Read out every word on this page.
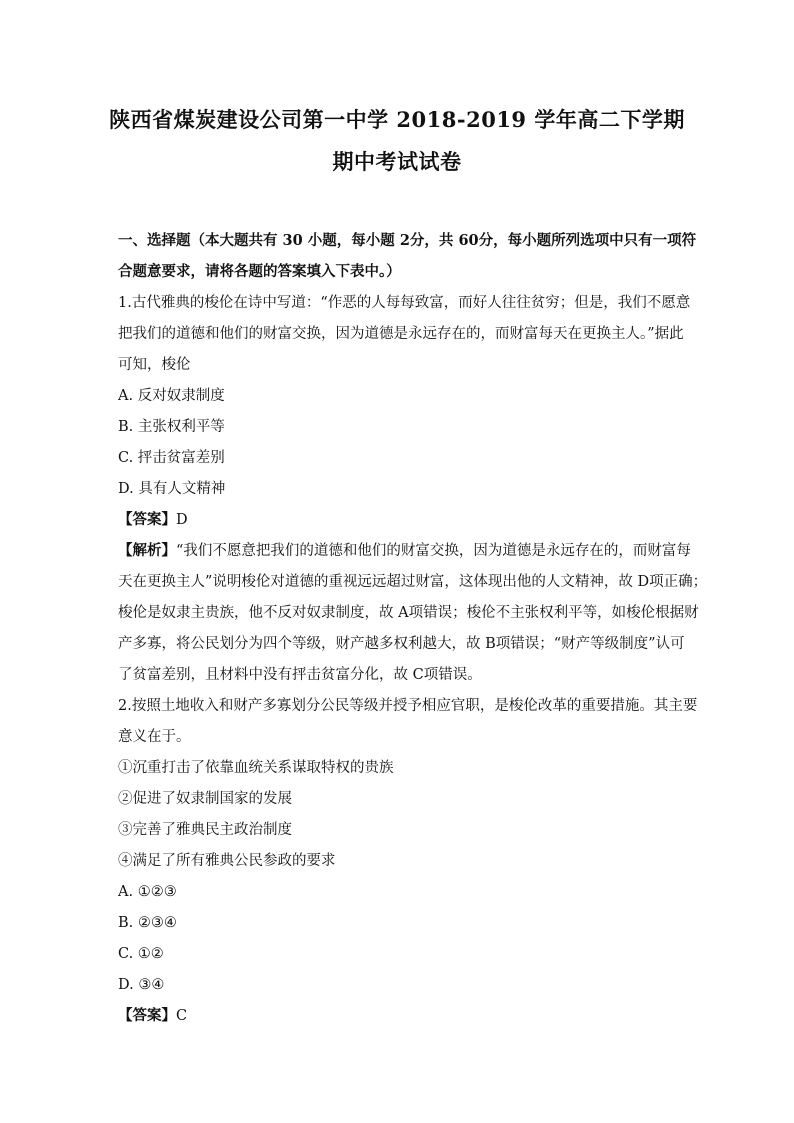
陕西省煤炭建设公司第一中学 2018-2019 学年高二下学期
期中考试试卷
一、选择题（本大题共有 30 小题，每小题 2分，共 60分，每小题所列选项中只有一项符
合题意要求，请将各题的答案填入下表中。）
1.古代雅典的梭伦在诗中写道：“作恶的人每每致富，而好人往往贫穷；但是，我们不愿意
把我们的道德和他们的财富交换，因为道德是永远存在的，而财富每天在更换主人。”据此
可知，梭伦
A. 反对奴隶制度
B. 主张权利平等
C. 抨击贫富差别
D. 具有人文精神
【答案】D
【解析】“我们不愿意把我们的道德和他们的财富交换，因为道德是永远存在的，而财富每
天在更换主人”说明梭伦对道德的重视远远超过财富，这体现出他的人文精神，故 D项正确；
梭伦是奴隶主贵族，他不反对奴隶制度，故 A项错误；梭伦不主张权利平等，如梭伦根据财
产多寡，将公民划分为四个等级，财产越多权利越大，故 B项错误；“财产等级制度”认可
了贫富差别，且材料中没有抨击贫富分化，故 C项错误。
2.按照土地收入和财产多寡划分公民等级并授予相应官职，是梭伦改革的重要措施。其主要
意义在于。
①沉重打击了依靠血统关系谋取特权的贵族
②促进了奴隶制国家的发展
③完善了雅典民主政治制度
④满足了所有雅典公民参政的要求
A. ①②③
B. ②③④
C. ①②
D. ③④
【答案】C
